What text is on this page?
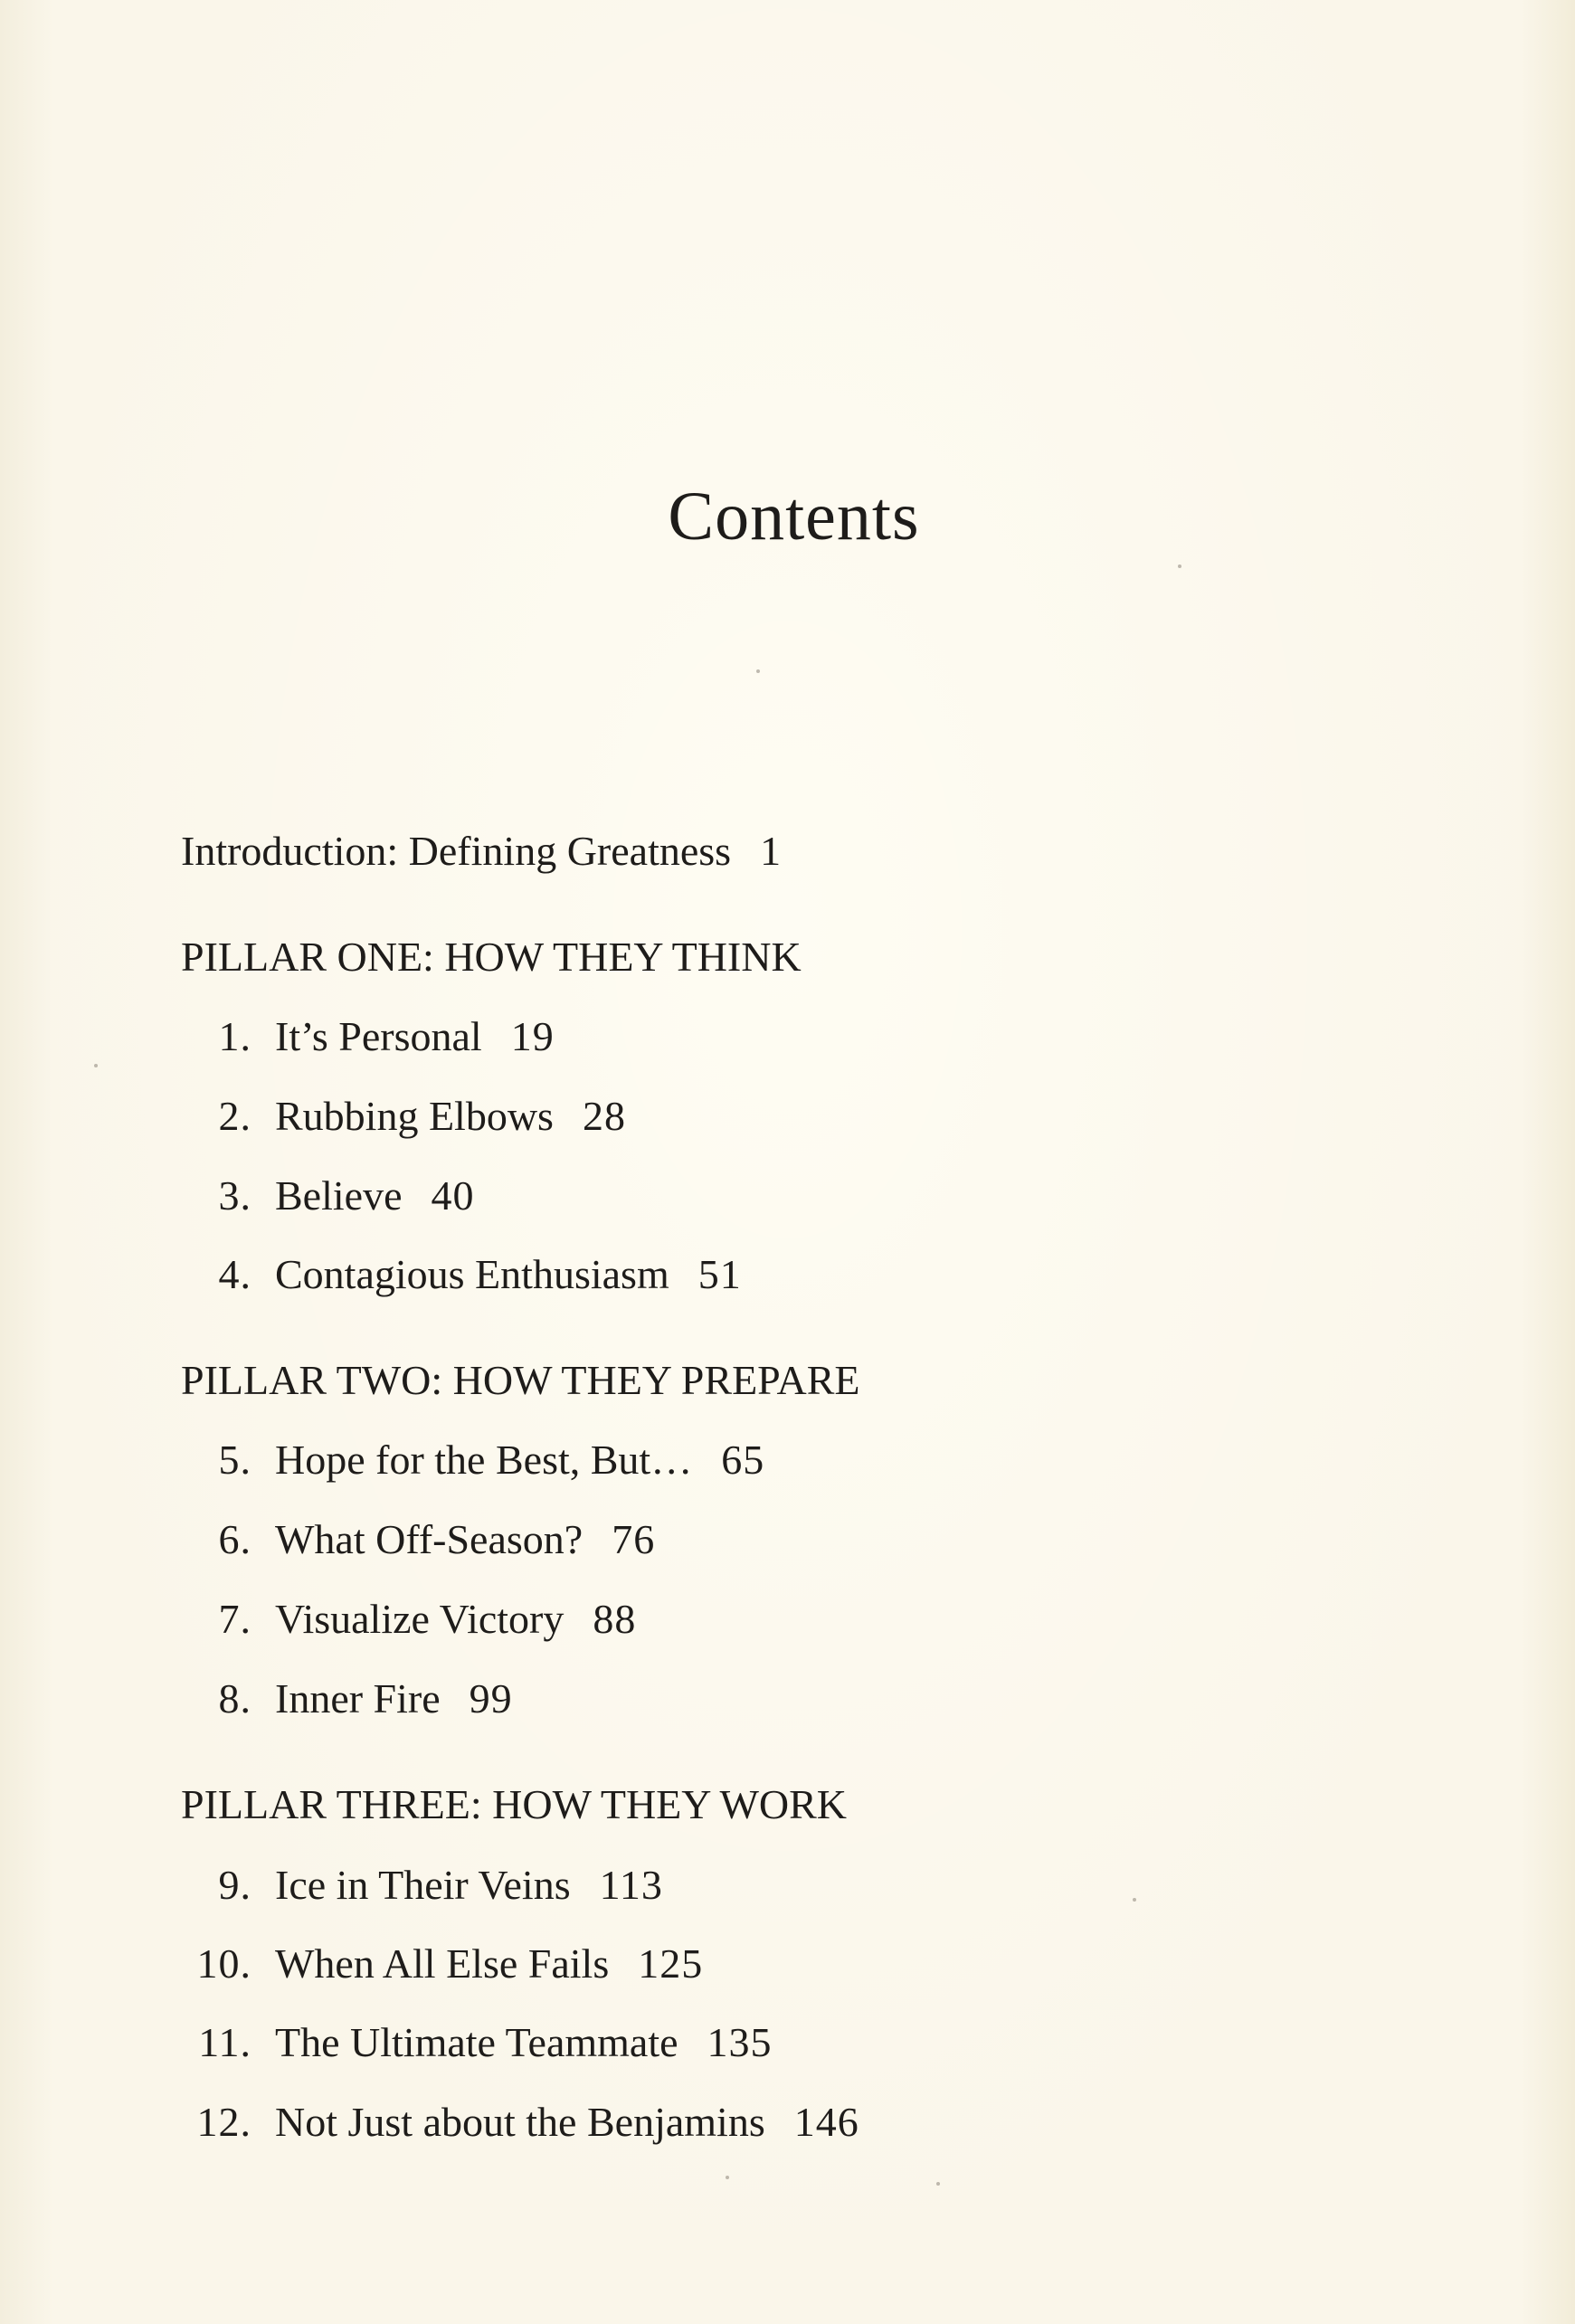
Contents
Introduction: Defining Greatness 1
PILLAR ONE: HOW THEY THINK
1. It’s Personal 19
2. Rubbing Elbows 28
3. Believe 40
4. Contagious Enthusiasm 51
PILLAR TWO: HOW THEY PREPARE
5. Hope for the Best, But… 65
6. What Off-Season? 76
7. Visualize Victory 88
8. Inner Fire 99
PILLAR THREE: HOW THEY WORK
9. Ice in Their Veins 113
10. When All Else Fails 125
11. The Ultimate Teammate 135
12. Not Just about the Benjamins 146
